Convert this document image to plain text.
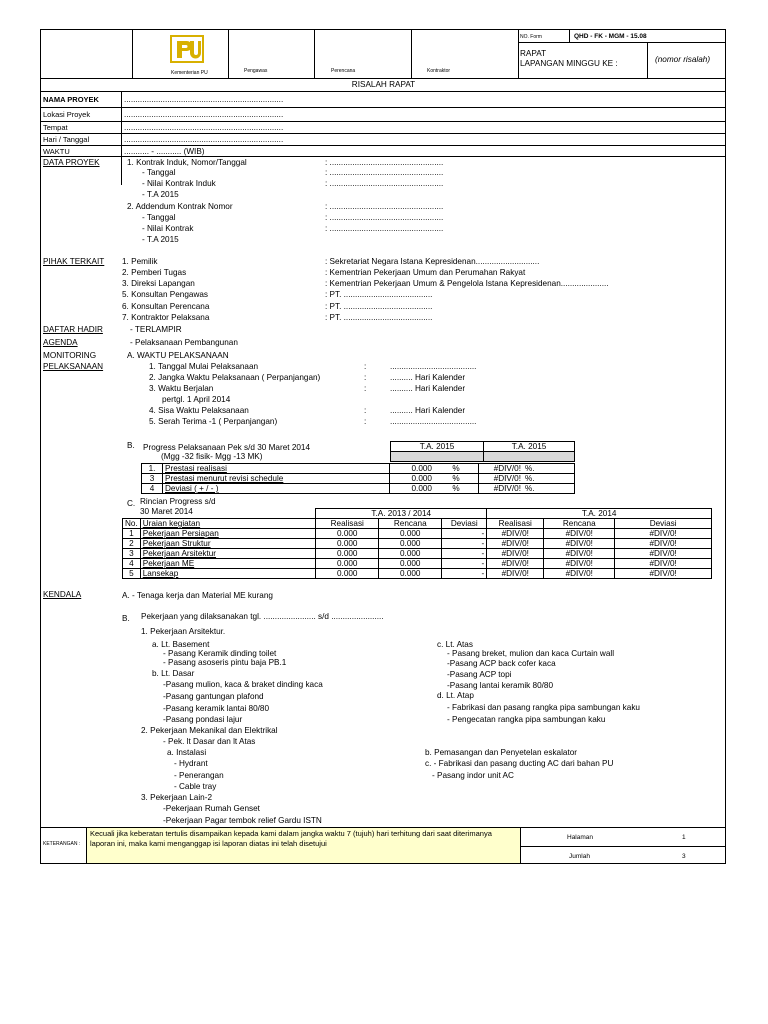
Kementerian PU	Pengawas	Perencana	Kontraktor
NO. Form	QHD - FK - MGM - 15.08
RAPAT
LAPANGAN MINGGU KE :	(nomor risalah)
RISALAH RAPAT
NAMA PROYEK	......................................................................
Lokasi Proyek	......................................................................
Tempat	......................................................................
Hari / Tanggal	......................................................................
WAKTU	........... - ........... (WIB)
DATA PROYEK	1. Kontrak Induk, Nomor/Tanggal	: ..................................................
- Tanggal	: ..................................................
- Nilai Kontrak Induk	: ..................................................
- T.A 2015
2. Addendum Kontrak Nomor	: ..................................................
- Tanggal	: ..................................................
- Nilai Kontrak	: ..................................................
- T.A 2015
PIHAK TERKAIT 1. Pemilik	: Sekretariat Negara Istana Kepresidenan............................
2. Pemberi Tugas	: Kementrian Pekerjaan Umum dan Perumahan Rakyat
3. Direksi Lapangan	: Kementrian Pekerjaan Umum & Pengelola Istana Kepresidenan.....................
5. Konsultan Pengawas	: PT. .......................................
6. Konsultan Perencana	: PT. .......................................
7. Kontraktor Pelaksana	: PT. .......................................
DAFTAR HADIR	- TERLAMPIR
AGENDA	- Pelaksanaan Pembangunan
MONITORING
PELAKSANAAN
A. WAKTU PELAKSANAAN
1. Tanggal Mulai Pelaksanaan	:	......................................
2. Jangka Waktu Pelaksanaan ( Perpanjangan)	:	.......... Hari Kalender
3. Waktu Berjalan	:	.......... Hari Kalender
pertgl. 1 April 2014
4. Sisa Waktu Pelaksanaan	:	.......... Hari Kalender
5. Serah Terima -1 ( Perpanjangan)	:	......................................
B. Progress Pelaksanaan Pek s/d 30 Maret 2014
(Mgg -32 fisik- Mgg -13 MK)
T.A. 2015	T.A. 2015

1.	Prestasi realisasi	0.000	%	#DIV/0!	%.
3	Prestasi menurut revisi schedule	0.000	%	#DIV/0!	%.
4	Deviasi ( + / - )	0.000	%	#DIV/0!	%.
C. Rincian Progress s/d
30 Maret 2014
			T.A. 2013 / 2014			T.A. 2014		
No.	Uraian kegiatan	Realisasi	Rencana	Deviasi	Realisasi	Rencana	Deviasi
1	Pekerjaan Persiapan	0.000	0.000	-	#DIV/0!	#DIV/0!	#DIV/0!
2	Pekerjaan Struktur	0.000	0.000	-	#DIV/0!	#DIV/0!	#DIV/0!
3	Pekerjaan Arsitektur	0.000	0.000	-	#DIV/0!	#DIV/0!	#DIV/0!
4	Pekerjaan ME	0.000	0.000	-	#DIV/0!	#DIV/0!	#DIV/0!
5	Lansekap	0.000	0.000	-	#DIV/0!	#DIV/0!	#DIV/0!
KENDALA	A. - Tenaga kerja dan Material ME kurang
B. Pekerjaan yang dilaksanakan tgl. ....................... s/d .......................
1. Pekerjaan Arsitektur.
a. Lt. Basement
- Pasang Keramik dinding toilet
- Pasang asoseris pintu baja PB.1
b. Lt. Dasar
-Pasang mulion, kaca & braket dinding kaca
-Pasang gantungan plafond
-Pasang keramik lantai 80/80
-Pasang pondasi lajur
c. Lt. Atas
- Pasang breket, mulion dan kaca Curtain wall
-Pasang ACP back cofer kaca
-Pasang ACP topi
-Pasang lantai keramik 80/80
d. Lt. Atap
- Fabrikasi dan pasang rangka pipa sambungan kaku
- Pengecatan rangka pipa sambungan kaku
2. Pekerjaan Mekanikal dan Elektrikal
- Pek. lt Dasar dan lt Atas
a. Instalasi
- Hydrant
- Penerangan
- Cable tray
b. Pemasangan dan Penyetelan eskalator
c. - Fabrikasi dan pasang ducting AC dari bahan PU
- Pasang indor unit AC
3. Pekerjaan Lain-2
-Pekerjaan Rumah Genset
-Pekerjaan Pagar tembok relief Gardu ISTN
KETERANGAN :
Kecuali jika keberatan tertulis disampaikan kepada kami dalam jangka waktu 7 (tujuh) hari terhitung dari saat diterimanya laporan ini, maka kami menganggap isi laporan diatas ini telah disetujui
Halaman	1
Jumlah	3
